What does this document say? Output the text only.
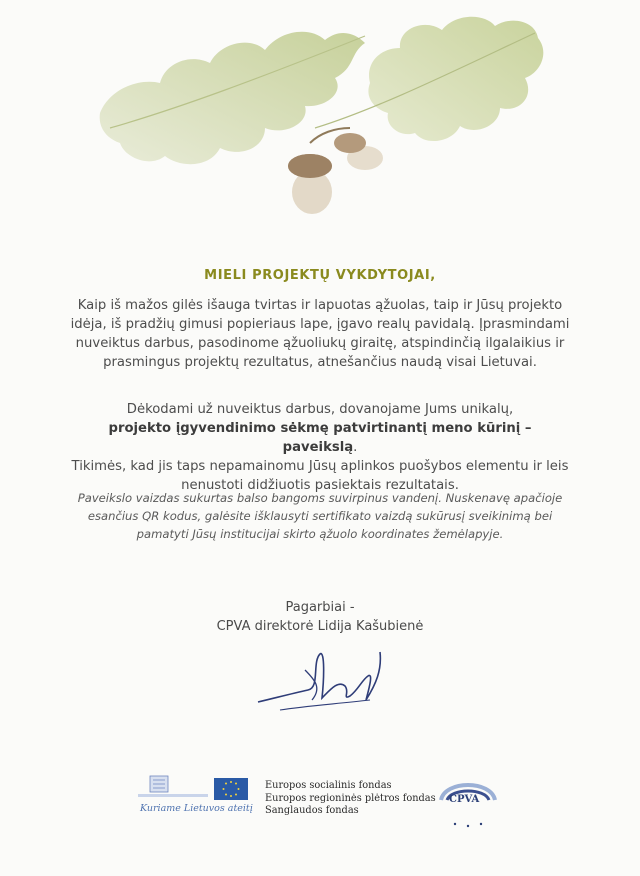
MIELI PROJEKTŲ VYKDYTOJAI,
Kaip iš mažos gilės išauga tvirtas ir lapuotas ąžuolas, taip ir Jūsų projekto idėja, iš pradžių gimusi popieriaus lape, įgavo realų pavidalą. Įprasmindami nuveiktus darbus, pasodinome ąžuoliukų giraitę, atspindinčią ilgalaikius ir prasmingus projektų rezultatus, atnešančius naudą visai Lietuvai.
Dėkodami už nuveiktus darbus, dovanojame Jums unikalų,
projekto įgyvendinimo sėkmę patvirtinantį meno kūrinį – paveikslą.
Tikimės, kad jis taps nepamainomu Jūsų aplinkos puošybos elementu ir leis nenustoti didžiuotis pasiektais rezultatais.
Paveikslo vaizdas sukurtas balso bangoms suvirpinus vandenį. Nuskenavę apačioje esančius QR kodus, galėsite išklausyti sertifikato vaizdą sukūrusį sveikinimą bei pamatyti Jūsų institucijai skirto ąžuolo koordinates žemėlapyje.
Pagarbiai -
CPVA direktorė Lidija Kašubienė
Kuriame Lietuvos ateitį
Europos socialinis fondas
Europos regioninės plėtros fondas
Sanglaudos fondas
CPVA
